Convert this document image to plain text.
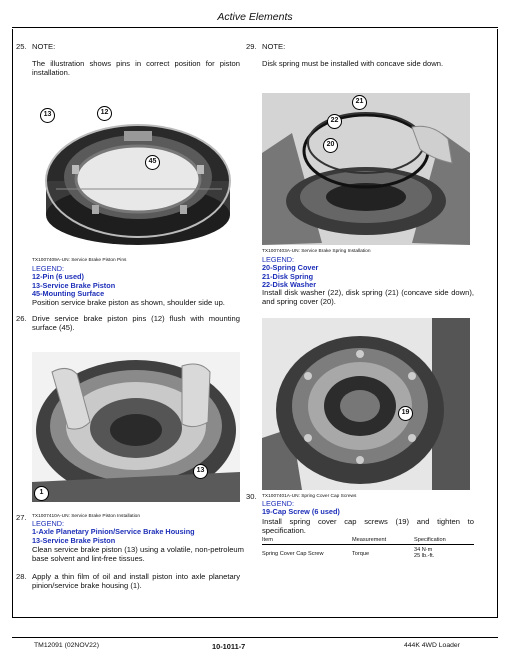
Active Elements
25. NOTE:
The illustration shows pins in correct position for piston installation.
13	12
45
TX1007409A-UN: Service Brake Piston Pins
LEGEND:
12-Pin (6 used)
13-Service Brake Piston
45-Mounting Surface
Position service brake piston as shown, shoulder side up.
26. Drive service brake piston pins (12) flush with mounting surface (45).
13
1
27. TX1007410A-UN: Service Brake Piston Installation
LEGEND:
1-Axle Planetary Pinion/Service Brake Housing
13-Service Brake Piston
Clean service brake piston (13) using a volatile, non-petroleum base solvent and lint-free tissues.
28. Apply a thin film of oil and install piston into axle planetary pinion/service brake housing (1).
29. NOTE:
Disk spring must be installed with concave side down.
21
22
20
TX1007403A-UN: Service Brake Spring Installation
LEGEND:
20-Spring Cover
21-Disk Spring
22-Disk Washer
Install disk washer (22), disk spring (21) (concave side down), and spring cover (20).
19
30. TX1007401A-UN: Spring Cover Cap Screws
LEGEND:
19-Cap Screw (6 used)
Install spring cover cap screws (19) and tighten to specification.
Item	Measurement	Specification
Spring Cover Cap Screw	Torque	34 N·m
25 lb.-ft.
TM12091 (02NOV22)	10-1011-7	444K 4WD Loader
